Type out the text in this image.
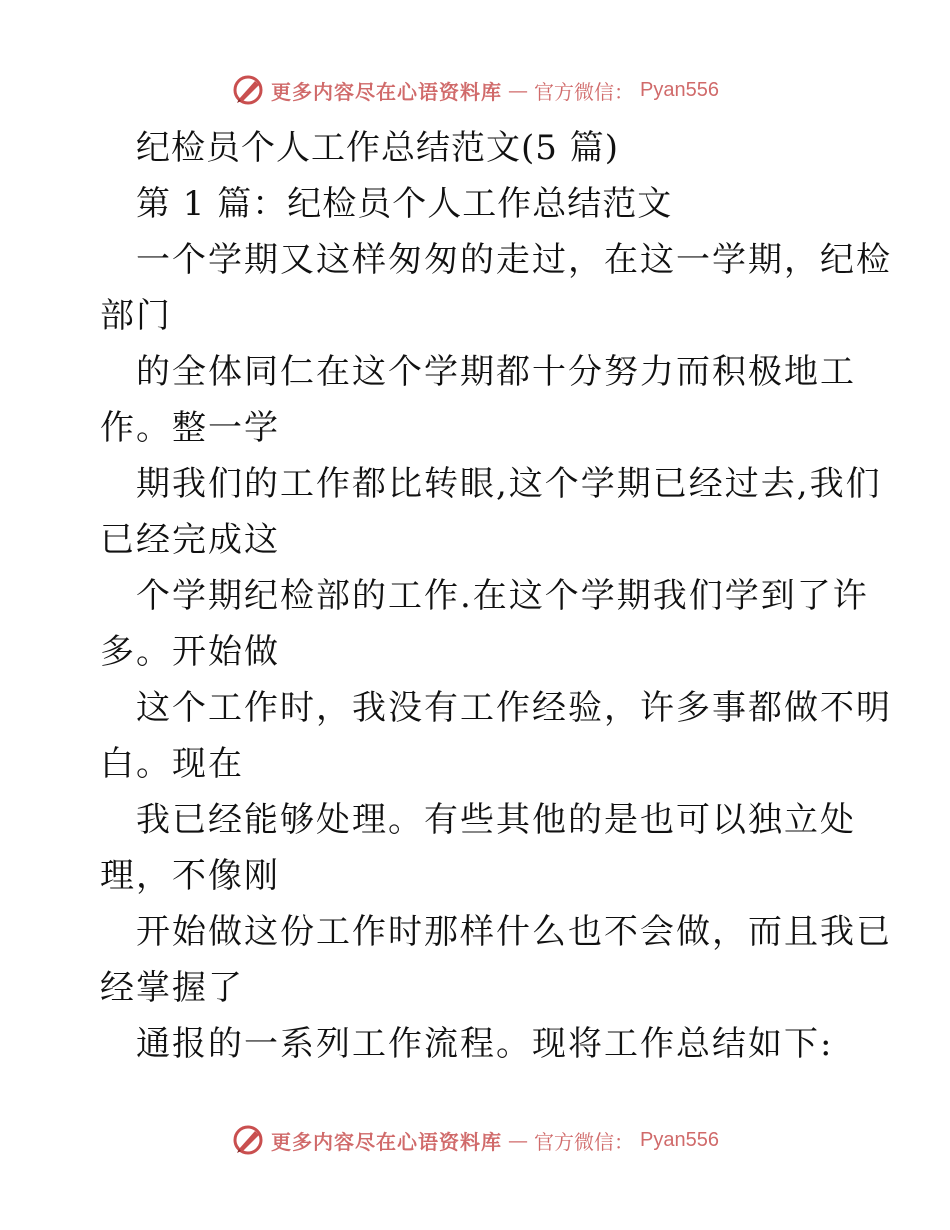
更多内容尽在心语资料库 — 官方微信： Pyan556
纪检员个人工作总结范文(5 篇)
第 1 篇：纪检员个人工作总结范文
一个学期又这样匆匆的走过，在这一学期，纪检
部门
的全体同仁在这个学期都十分努力而积极地工
作。整一学
期我们的工作都比转眼,这个学期已经过去,我们
已经完成这
个学期纪检部的工作.在这个学期我们学到了许
多。开始做
这个工作时，我没有工作经验，许多事都做不明
白。现在
我已经能够处理。有些其他的是也可以独立处
理，不像刚
开始做这份工作时那样什么也不会做，而且我已
经掌握了
通报的一系列工作流程。现将工作总结如下:
更多内容尽在心语资料库 — 官方微信： Pyan556
